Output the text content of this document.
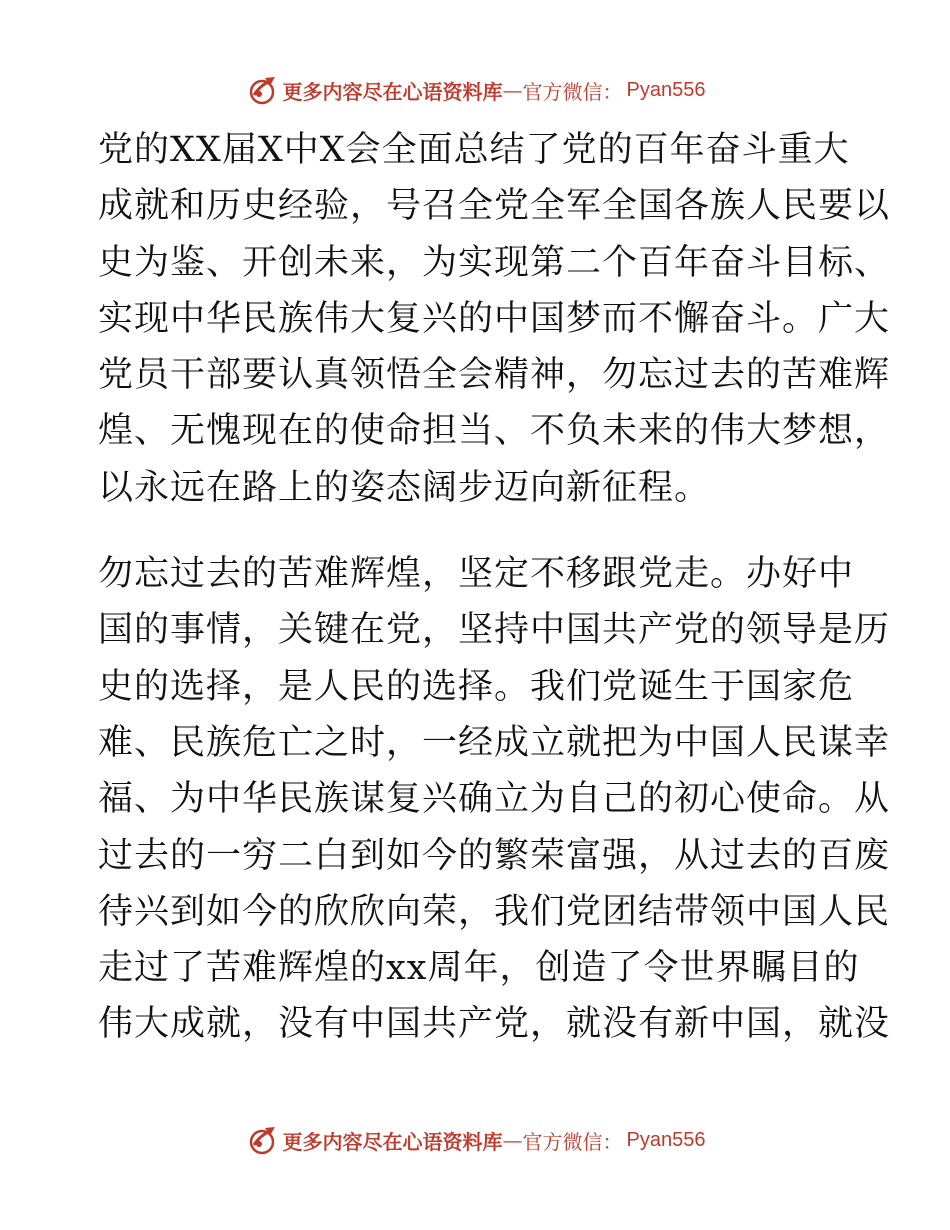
更多内容尽在心语资料库 — 官方微信： Pyan556

党的XX届X中X会全面总结了党的百年奋斗重大
成就和历史经验，号召全党全军全国各族人民要以
史为鉴、开创未来，为实现第二个百年奋斗目标、
实现中华民族伟大复兴的中国梦而不懈奋斗。广大
党员干部要认真领悟全会精神，勿忘过去的苦难辉
煌、无愧现在的使命担当、不负未来的伟大梦想，
以永远在路上的姿态阔步迈向新征程。

勿忘过去的苦难辉煌，坚定不移跟党走。办好中
国的事情，关键在党，坚持中国共产党的领导是历
史的选择，是人民的选择。我们党诞生于国家危
难、民族危亡之时，一经成立就把为中国人民谋幸
福、为中华民族谋复兴确立为自己的初心使命。从
过去的一穷二白到如今的繁荣富强，从过去的百废
待兴到如今的欣欣向荣，我们党团结带领中国人民
走过了苦难辉煌的xx周年，创造了令世界瞩目的
伟大成就，没有中国共产党，就没有新中国，就没

更多内容尽在心语资料库 — 官方微信： Pyan556
